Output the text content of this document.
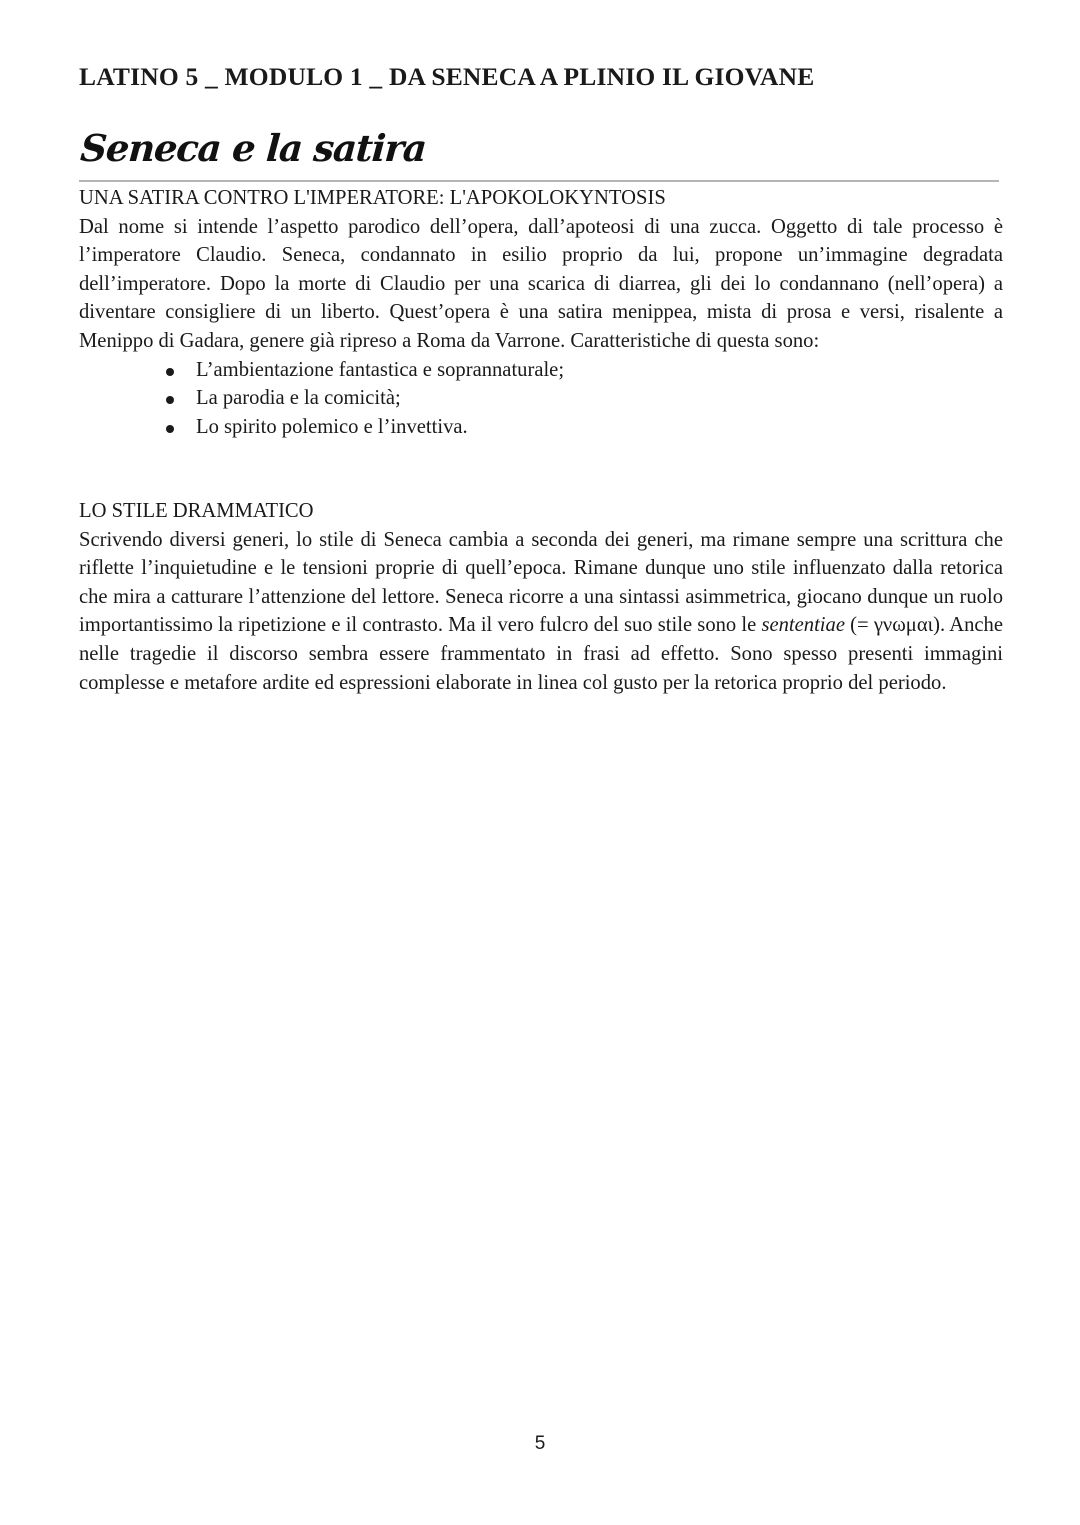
LATINO 5 _ MODULO 1 _ DA SENECA A PLINIO IL GIOVANE
Seneca e la satira

UNA SATIRA CONTRO L'IMPERATORE: L'APOKOLOKYNTOSIS

Dal nome si intende l’aspetto parodico dell’opera, dall’apoteosi di una zucca. Oggetto di tale processo è l’imperatore Claudio. Seneca, condannato in esilio proprio da lui, propone un’immagine degradata dell’imperatore. Dopo la morte di Claudio per una scarica di diarrea, gli dei lo condannano (nell’opera) a diventare consigliere di un liberto. Quest’opera è una satira menippea, mista di prosa e versi, risalente a Menippo di Gadara, genere già ripreso a Roma da Varrone. Caratteristiche di questa sono:

L’ambientazione fantastica e soprannaturale;
La parodia e la comicità;
Lo spirito polemico e l’invettiva.

LO STILE DRAMMATICO

Scrivendo diversi generi, lo stile di Seneca cambia a seconda dei generi, ma rimane sempre una scrittura che riflette l’inquietudine e le tensioni proprie di quell’epoca. Rimane dunque uno stile influenzato dalla retorica che mira a catturare l’attenzione del lettore. Seneca ricorre a una sintassi asimmetrica, giocano dunque un ruolo importantissimo la ripetizione e il contrasto. Ma il vero fulcro del suo stile sono le sententiae (= γνωμαι). Anche nelle tragedie il discorso sembra essere frammentato in frasi ad effetto. Sono spesso presenti immagini complesse e metafore ardite ed espressioni elaborate in linea col gusto per la retorica proprio del periodo.

5
